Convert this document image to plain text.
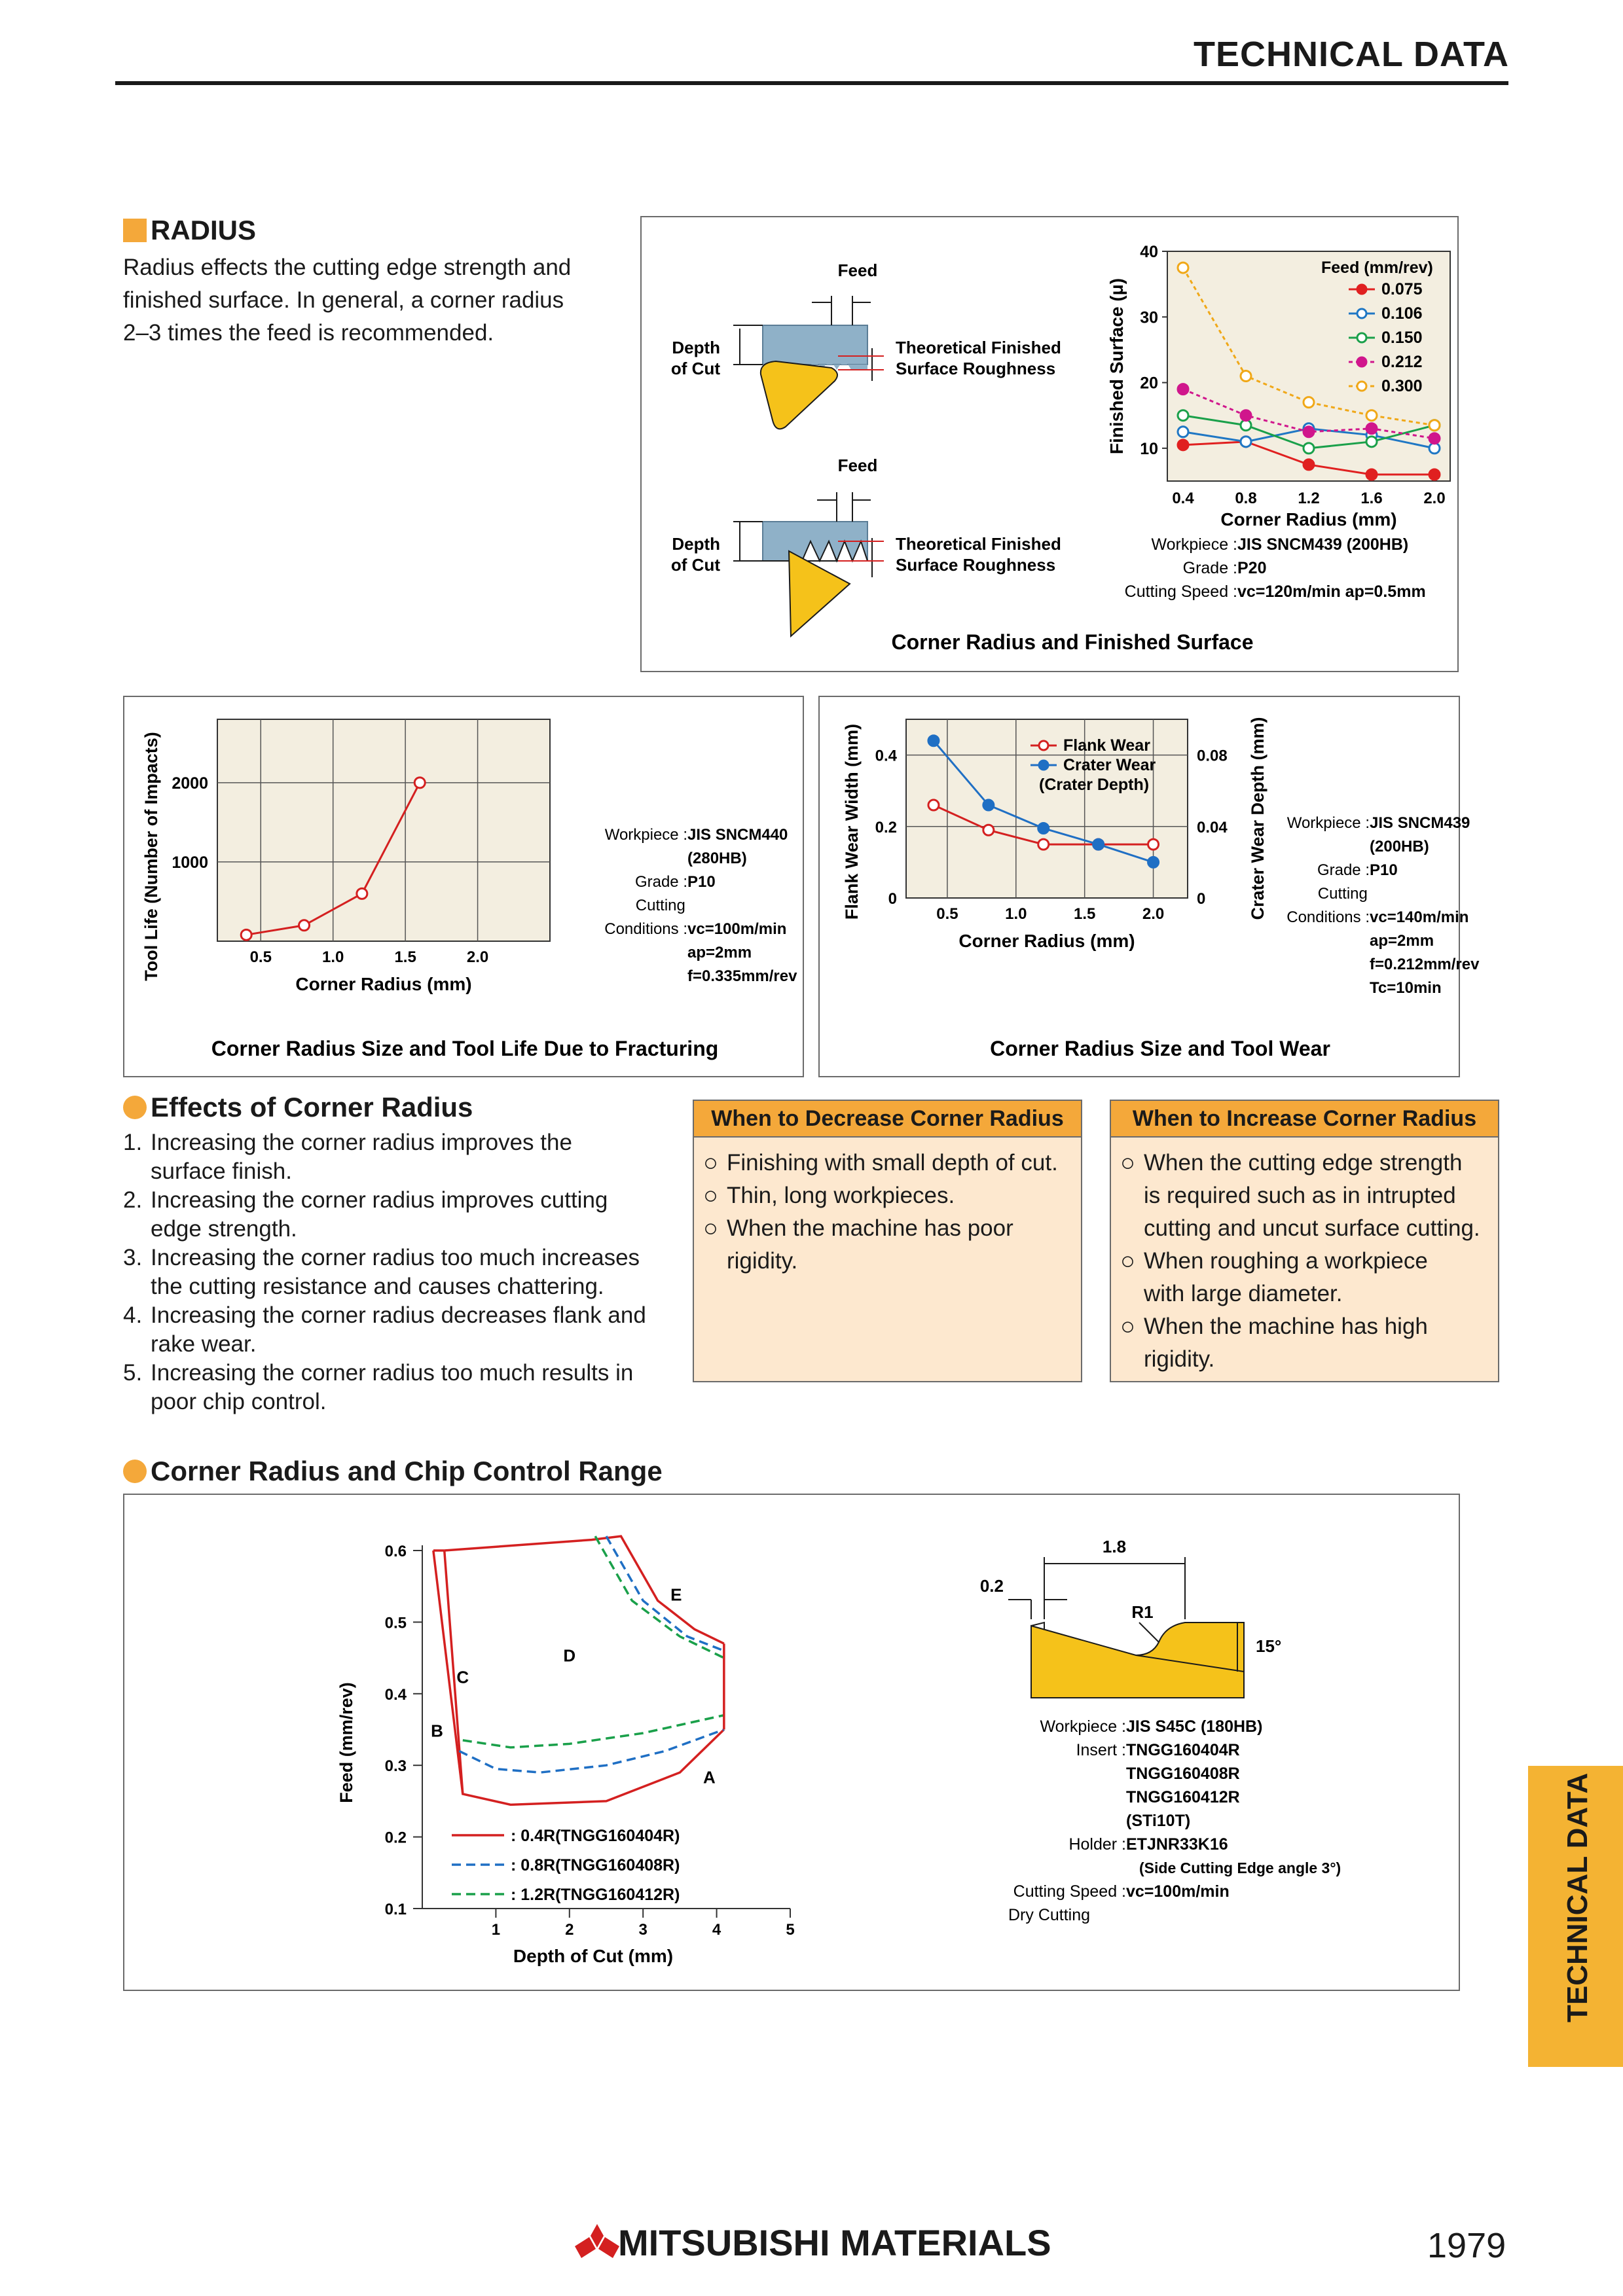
TECHNICAL DATA
RADIUS
Radius effects the cutting edge strength and
finished surface. In general, a corner radius
2–3 times the feed is recommended.
Feed
Depth
of Cut
Theoretical Finished
Surface Roughness
Feed
Depth
of Cut
Theoretical Finished
Surface Roughness
10
20
30
40
0.4	0.8	1.2	1.6	2.0
Corner Radius (mm)
Finished Surface (μ)
Feed (mm/rev)
0.075
0.106
0.150
0.212
0.300
Workpiece : JIS SNCM439 (200HB)
Grade : P20
Cutting Speed : vc=120m/min ap=0.5mm
Corner Radius and Finished Surface
1000
2000
0.5	1.0	1.5	2.0
Corner Radius (mm)
Tool Life (Number of Impacts)	Workpiece : JIS SNCM440
(280HB)
Grade : P10
Cutting
Conditions : vc=100m/min
ap=2mm
f=0.335mm/rev
Corner Radius Size and Tool Life Due to Fracturing
0
0.2
0.4
0
0.04
0.08
0.5	1.0	1.5	2.0
Corner Radius (mm)
Flank Wear Width (mm)	Crater Wear Depth (mm)
Flank Wear
Crater Wear
(Crater Depth)
Workpiece : JIS SNCM439
(200HB)
Grade : P10
Cutting
Conditions : vc=140m/min
ap=2mm
f=0.212mm/rev
Tc=10min
Corner Radius Size and Tool Wear
Effects of Corner Radius
1. Increasing the corner radius improves the
surface finish.
2. Increasing the corner radius improves cutting
edge strength.
3. Increasing the corner radius too much increases
the cutting resistance and causes chattering.
4. Increasing the corner radius decreases flank and
rake wear.
5. Increasing the corner radius too much results in
poor chip control.
When to Decrease Corner Radius
○ Finishing with small depth of cut.
○ Thin, long workpieces.
○ When the machine has poor
rigidity.
When to Increase Corner Radius
○ When the cutting edge strength
is required such as in intrupted
cutting and uncut surface cutting.
○ When roughing a workpiece
with large diameter.
○ When the machine has high
rigidity.
Corner Radius and Chip Control Range
0.1
0.2
0.3
0.4
0.5
0.6
1	2	3	4	5
Depth of Cut (mm)
Feed (mm/rev)	A
B
C
D
E
: 0.4R(TNGG160404R)
: 0.8R(TNGG160408R)
: 1.2R(TNGG160412R)
1.8
0.2
R1
15°
Workpiece : JIS S45C (180HB)
Insert : TNGG160404R
TNGG160408R
TNGG160412R
(STi10T)
Holder : ETJNR33K16
(Side Cutting Edge angle 3°)
Cutting Speed : vc=100m/min
Dry Cutting	TECHNICAL DATA
MITSUBISHI MATERIALS	1979
